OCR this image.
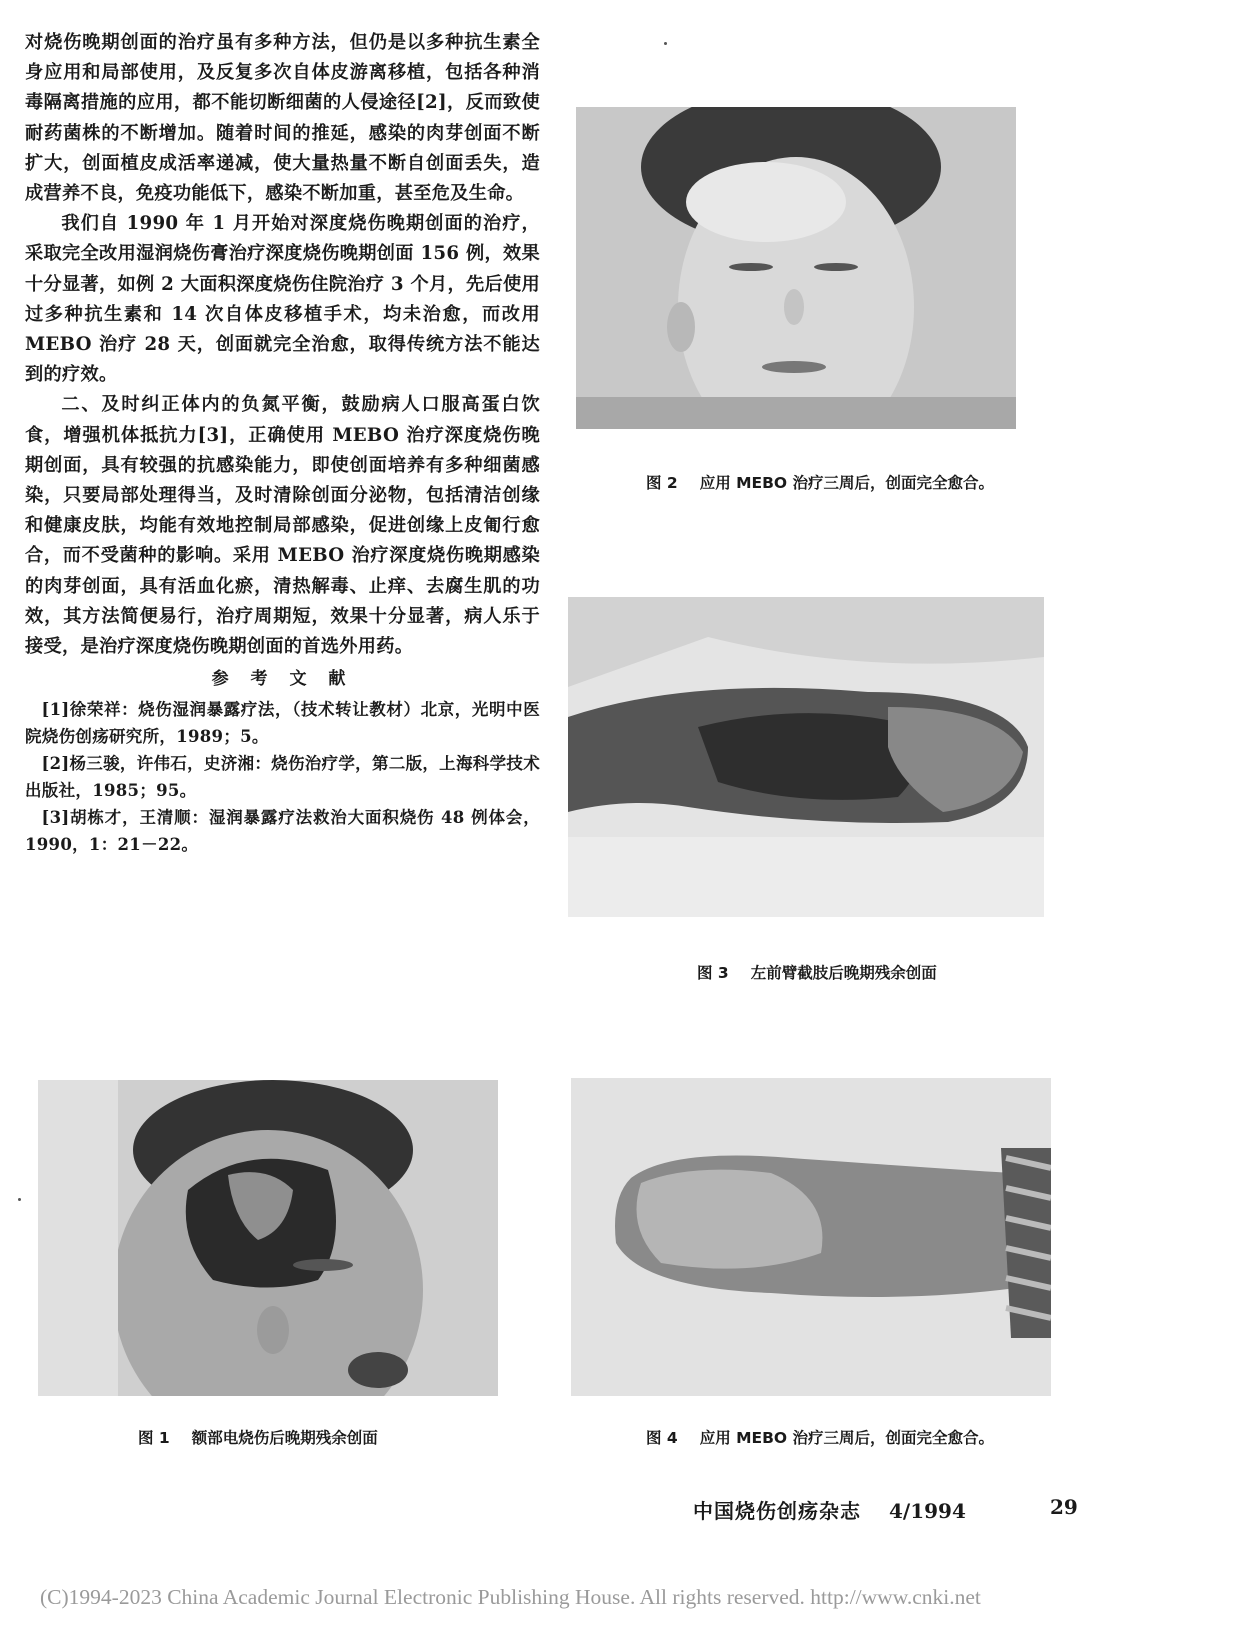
对烧伤晚期创面的治疗虽有多种方法，但仍是以多种抗生素全身应用和局部使用，及反复多次自体皮游离移植，包括各种消毒隔离措施的应用，都不能切断细菌的人侵途径[2]，反而致使耐药菌株的不断增加。随着时间的推延，感染的肉芽创面不断扩大，创面植皮成活率递减，使大量热量不断自创面丢失，造成营养不良，免疫功能低下，感染不断加重，甚至危及生命。

我们自 1990 年 1 月开始对深度烧伤晚期创面的治疗，采取完全改用湿润烧伤膏治疗深度烧伤晚期创面 156 例，效果十分显著，如例 2 大面积深度烧伤住院治疗 3 个月，先后使用过多种抗生素和 14 次自体皮移植手术，均未治愈，而改用 MEBO 治疗 28 天，创面就完全治愈，取得传统方法不能达到的疗效。

二、及时纠正体内的负氮平衡，鼓励病人口服高蛋白饮食，增强机体抵抗力[3]，正确使用 MEBO 治疗深度烧伤晚期创面，具有较强的抗感染能力，即使创面培养有多种细菌感染，只要局部处理得当，及时清除创面分泌物，包括清洁创缘和健康皮肤，均能有效地控制局部感染，促进创缘上皮匍行愈合，而不受菌种的影响。采用 MEBO 治疗深度烧伤晚期感染的肉芽创面，具有活血化瘀，清热解毒、止痒、去腐生肌的功效，其方法简便易行，治疗周期短，效果十分显著，病人乐于接受，是治疗深度烧伤晚期创面的首选外用药。

参 考 文 献

[1]徐荣祥：烧伤湿润暴露疗法，（技术转让教材）北京，光明中医院烧伤创疡研究所，1989；5。

[2]杨三骏，许伟石，史济湘：烧伤治疗学，第二版，上海科学技术出版社，1985；95。

[3]胡栋才，王清顺：湿润暴露疗法救治大面积烧伤 48 例体会，1990，1：21－22。

图 2 应用 MEBO 治疗三周后，创面完全愈合。
图 3 左前臂截肢后晚期残余创面
图 1 额部电烧伤后晚期残余创面	图 4 应用 MEBO 治疗三周后，创面完全愈合。
中国烧伤创疡杂志 4/1994	29
(C)1994-2023 China Academic Journal Electronic Publishing House. All rights reserved. http://www.cnki.net
